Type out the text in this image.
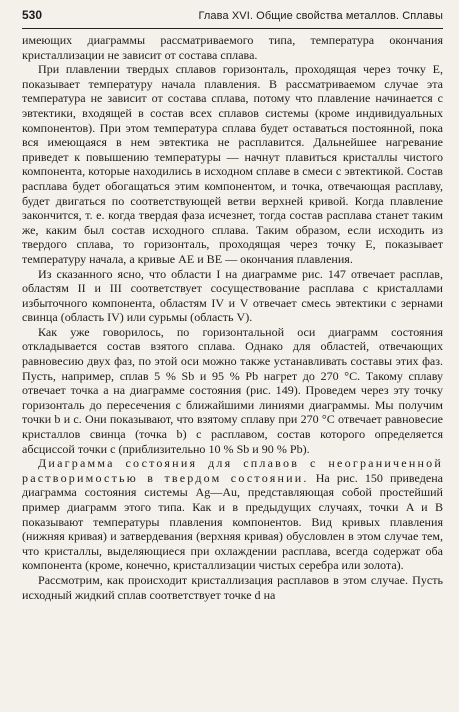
530	Глава XVI. Общие свойства металлов. Сплавы

имеющих диаграммы рассматриваемого типа, температура окончания кристаллизации не зависит от состава сплава.

При плавлении твердых сплавов горизонталь, проходящая через точку E, показывает температуру начала плавления. В рассматриваемом случае эта температура не зависит от состава сплава, потому что плавление начинается с эвтектики, входящей в состав всех сплавов системы (кроме индивидуальных компонентов). При этом температура сплава будет оставаться постоянной, пока вся имеющаяся в нем эвтектика не расплавится. Дальнейшее нагревание приведет к повышению температуры — начнут плавиться кристаллы чистого компонента, которые находились в исходном сплаве в смеси с эвтектикой. Состав расплава будет обогащаться этим компонентом, и точка, отвечающая расплаву, будет двигаться по соответствующей ветви верхней кривой. Когда плавление закончится, т. е. когда твердая фаза исчезнет, тогда состав расплава станет таким же, каким был состав исходного сплава. Таким образом, если исходить из твердого сплава, то горизонталь, проходящая через точку E, показывает температуру начала, а кривые AE и BE — окончания плавления.

Из сказанного ясно, что области I на диаграмме рис. 147 отвечает расплав, областям II и III соответствует сосуществование расплава с кристаллами избыточного компонента, областям IV и V отвечает смесь эвтектики с зернами свинца (область IV) или сурьмы (область V).

Как уже говорилось, по горизонтальной оси диаграмм состояния откладывается состав взятого сплава. Однако для областей, отвечающих равновесию двух фаз, по этой оси можно также устанавливать составы этих фаз. Пусть, например, сплав 5 % Sb и 95 % Pb нагрет до 270 °C. Такому сплаву отвечает точка a на диаграмме состояния (рис. 149). Проведем через эту точку горизонталь до пересечения с ближайшими линиями диаграммы. Мы получим точки b и c. Они показывают, что взятому сплаву при 270 °C отвечает равновесие кристаллов свинца (точка b) с расплавом, состав которого определяется абсциссой точки c (приблизительно 10 % Sb и 90 % Pb).

Диаграмма состояния для сплавов с неограниченной растворимостью в твердом состоянии. На рис. 150 приведена диаграмма состояния системы Ag—Au, представляющая собой простейший пример диаграмм этого типа. Как и в предыдущих случаях, точки A и B показывают температуры плавления компонентов. Вид кривых плавления (нижняя кривая) и затвердевания (верхняя кривая) обусловлен в этом случае тем, что кристаллы, выделяющиеся при охлаждении расплава, всегда содержат оба компонента (кроме, конечно, кристаллизации чистых серебра или золота).

Рассмотрим, как происходит кристаллизация расплавов в этом случае. Пусть исходный жидкий сплав соответствует точке d на
